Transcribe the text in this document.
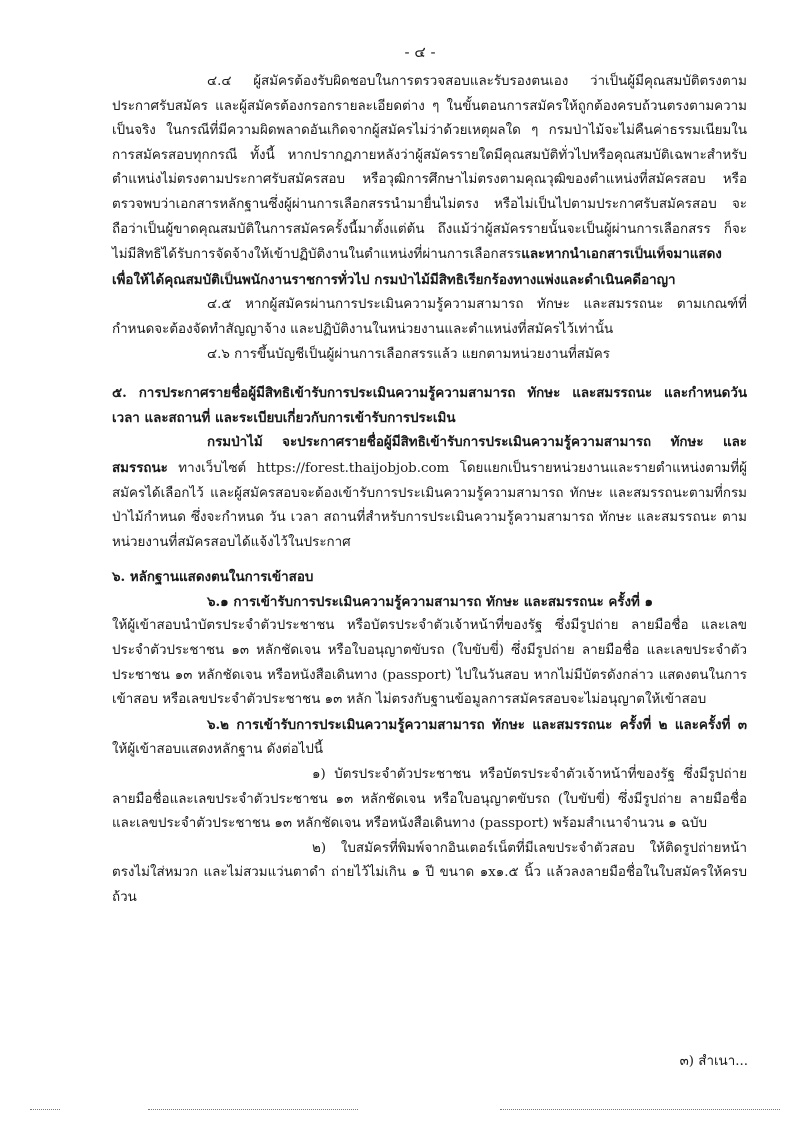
- ๔ -

๔.๔ ผู้สมัครต้องรับผิดชอบในการตรวจสอบและรับรองตนเอง ว่าเป็นผู้มีคุณสมบัติตรงตามประกาศรับสมัคร และผู้สมัครต้องกรอกรายละเอียดต่าง ๆ ในขั้นตอนการสมัครให้ถูกต้องครบถ้วนตรงตามความเป็นจริง ในกรณีที่มีความผิดพลาดอันเกิดจากผู้สมัครไม่ว่าด้วยเหตุผลใด ๆ กรมป่าไม้จะไม่คืนค่าธรรมเนียมในการสมัครสอบทุกกรณี ทั้งนี้ หากปรากฏภายหลังว่าผู้สมัครรายใดมีคุณสมบัติทั่วไปหรือคุณสมบัติเฉพาะสำหรับตำแหน่งไม่ตรงตามประกาศรับสมัครสอบ หรือวุฒิการศึกษาไม่ตรงตามคุณวุฒิของตำแหน่งที่สมัครสอบ หรือตรวจพบว่าเอกสารหลักฐานซึ่งผู้ผ่านการเลือกสรรนำมายื่นไม่ตรง หรือไม่เป็นไปตามประกาศรับสมัครสอบ จะถือว่าเป็นผู้ขาดคุณสมบัติในการสมัครครั้งนี้มาตั้งแต่ต้น ถึงแม้ว่าผู้สมัครรายนั้นจะเป็นผู้ผ่านการเลือกสรร ก็จะไม่มีสิทธิได้รับการจัดจ้างให้เข้าปฏิบัติงานในตำแหน่งที่ผ่านการเลือกสรรและหากนำเอกสารเป็นเท็จมาแสดง เพื่อให้ได้คุณสมบัติเป็นพนักงานราชการทั่วไป กรมป่าไม้มีสิทธิเรียกร้องทางแพ่งและดำเนินคดีอาญา

๔.๕ หากผู้สมัครผ่านการประเมินความรู้ความสามารถ ทักษะ และสมรรถนะ ตามเกณฑ์ที่กำหนดจะต้องจัดทำสัญญาจ้าง และปฏิบัติงานในหน่วยงานและตำแหน่งที่สมัครไว้เท่านั้น

๔.๖ การขึ้นบัญชีเป็นผู้ผ่านการเลือกสรรแล้ว แยกตามหน่วยงานที่สมัคร

๕. การประกาศรายชื่อผู้มีสิทธิเข้ารับการประเมินความรู้ความสามารถ ทักษะ และสมรรถนะ และกำหนดวัน เวลา และสถานที่ และระเบียบเกี่ยวกับการเข้ารับการประเมิน

กรมป่าไม้ จะประกาศรายชื่อผู้มีสิทธิเข้ารับการประเมินความรู้ความสามารถ ทักษะ และสมรรถนะ ทางเว็บไซต์ https://forest.thaijobjob.com โดยแยกเป็นรายหน่วยงานและรายตำแหน่งตามที่ผู้สมัครได้เลือกไว้ และผู้สมัครสอบจะต้องเข้ารับการประเมินความรู้ความสามารถ ทักษะ และสมรรถนะตามที่กรมป่าไม้กำหนด ซึ่งจะกำหนด วัน เวลา สถานที่สำหรับการประเมินความรู้ความสามารถ ทักษะ และสมรรถนะ ตามหน่วยงานที่สมัครสอบได้แจ้งไว้ในประกาศ

๖. หลักฐานแสดงตนในการเข้าสอบ

๖.๑ การเข้ารับการประเมินความรู้ความสามารถ ทักษะ และสมรรถนะ ครั้งที่ ๑

ให้ผู้เข้าสอบนำบัตรประจำตัวประชาชน หรือบัตรประจำตัวเจ้าหน้าที่ของรัฐ ซึ่งมีรูปถ่าย ลายมือชื่อ และเลขประจำตัวประชาชน ๑๓ หลักชัดเจน หรือใบอนุญาตขับรถ (ใบขับขี่) ซึ่งมีรูปถ่าย ลายมือชื่อ และเลขประจำตัวประชาชน ๑๓ หลักชัดเจน หรือหนังสือเดินทาง (passport) ไปในวันสอบ หากไม่มีบัตรดังกล่าว แสดงตนในการเข้าสอบ หรือเลขประจำตัวประชาชน ๑๓ หลัก ไม่ตรงกับฐานข้อมูลการสมัครสอบจะไม่อนุญาตให้เข้าสอบ

๖.๒ การเข้ารับการประเมินความรู้ความสามารถ ทักษะ และสมรรถนะ ครั้งที่ ๒ และครั้งที่ ๓ ให้ผู้เข้าสอบแสดงหลักฐาน ดังต่อไปนี้

๑) บัตรประจำตัวประชาชน หรือบัตรประจำตัวเจ้าหน้าที่ของรัฐ ซึ่งมีรูปถ่าย ลายมือชื่อและเลขประจำตัวประชาชน ๑๓ หลักชัดเจน หรือใบอนุญาตขับรถ (ใบขับขี่) ซึ่งมีรูปถ่าย ลายมือชื่อ และเลขประจำตัวประชาชน ๑๓ หลักชัดเจน หรือหนังสือเดินทาง (passport) พร้อมสำเนาจำนวน ๑ ฉบับ

๒) ใบสมัครที่พิมพ์จากอินเตอร์เน็ตที่มีเลขประจำตัวสอบ ให้ติดรูปถ่ายหน้าตรงไม่ใส่หมวก และไม่สวมแว่นตาดำ ถ่ายไว้ไม่เกิน ๑ ปี ขนาด ๑x๑.๕ นิ้ว แล้วลงลายมือชื่อในใบสมัครให้ครบถ้วน

๓) สำเนา...
